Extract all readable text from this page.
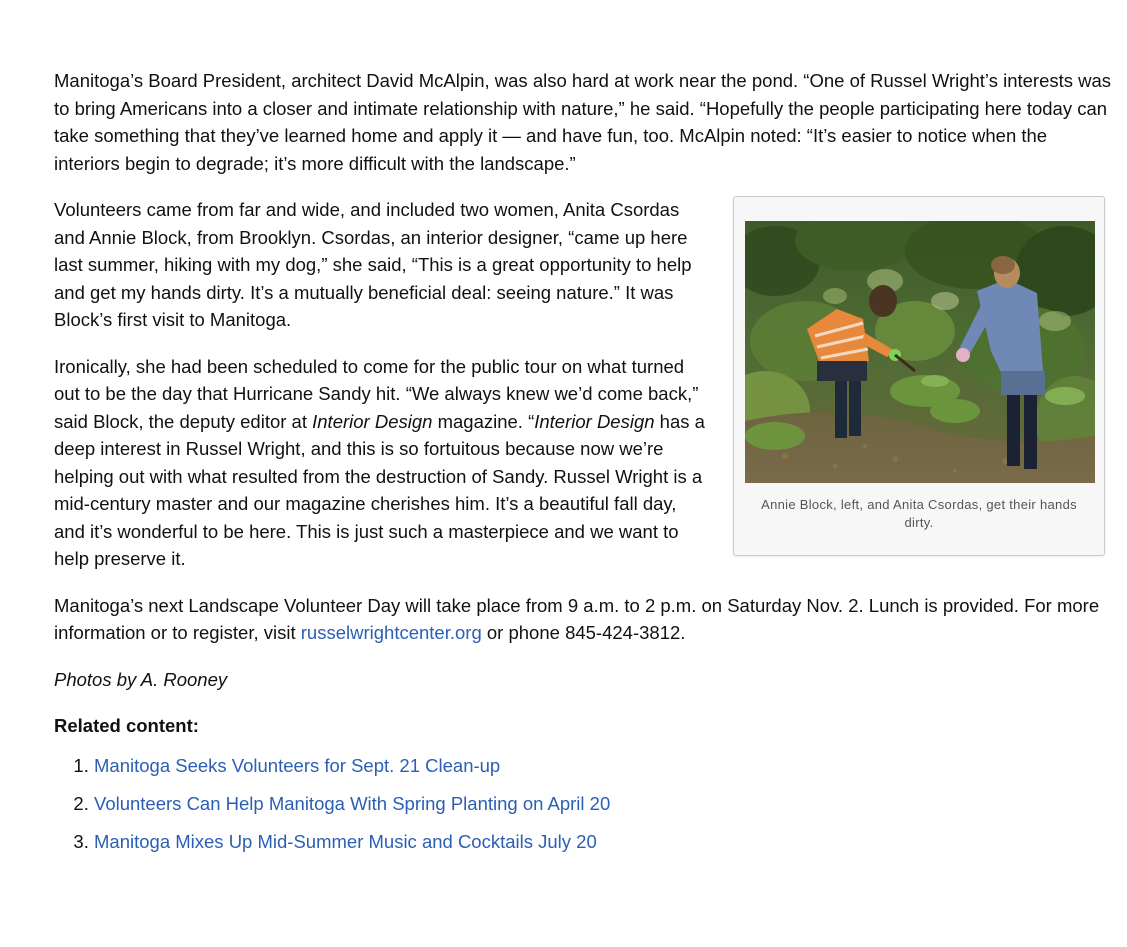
Manitoga’s Board President, architect David McAlpin, was also hard at work near the pond. “One of Russel Wright’s interests was to bring Americans into a closer and intimate relationship with nature,” he said. “Hopefully the people participating here today can take something that they’ve learned home and apply it — and have fun, too. McAlpin noted: “It’s easier to notice when the interiors begin to degrade; it’s more difficult with the landscape.”

Annie Block, left, and Anita Csordas, get their hands dirty.

Volunteers came from far and wide, and included two women, Anita Csordas and Annie Block, from Brooklyn. Csordas, an interior designer, “came up here last summer, hiking with my dog,” she said, “This is a great opportunity to help and get my hands dirty. It’s a mutually beneficial deal: seeing nature.” It was Block’s first visit to Manitoga.

Ironically, she had been scheduled to come for the public tour on what turned out to be the day that Hurricane Sandy hit. “We always knew we’d come back,” said Block, the deputy editor at Interior Design magazine. “Interior Design has a deep interest in Russel Wright, and this is so fortuitous because now we’re helping out with what resulted from the destruction of Sandy. Russel Wright is a mid-century master and our magazine cherishes him. It’s a beautiful fall day, and it’s wonderful to be here. This is just such a masterpiece and we want to help preserve it.

Manitoga’s next Landscape Volunteer Day will take place from 9 a.m. to 2 p.m. on Saturday Nov. 2. Lunch is provided. For more information or to register, visit russelwrightcenter.org or phone 845-424-3812.

Photos by A. Rooney

Related content:

1. Manitoga Seeks Volunteers for Sept. 21 Clean-up
2. Volunteers Can Help Manitoga With Spring Planting on April 20
3. Manitoga Mixes Up Mid-Summer Music and Cocktails July 20
